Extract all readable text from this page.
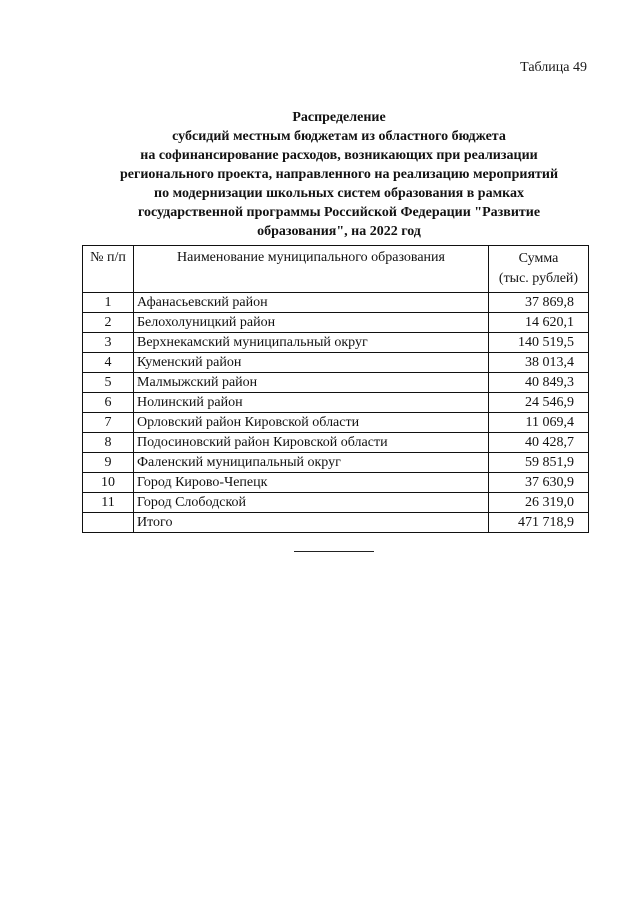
Таблица 49
Распределение
субсидий местным бюджетам из областного бюджета
на софинансирование расходов, возникающих при реализации
регионального проекта, направленного на реализацию мероприятий
по модернизации школьных систем образования в рамках
государственной программы Российской Федерации "Развитие
образования", на 2022 год
№ п/п	Наименование муниципального образования	Сумма
(тыс. рублей)

1	Афанасьевский район	37 869,8
2	Белохолуницкий район	14 620,1
3	Верхнекамский муниципальный округ	140 519,5
4	Куменский район	38 013,4
5	Малмыжский район	40 849,3
6	Нолинский район	24 546,9
7	Орловский район Кировской области	11 069,4
8	Подосиновский район Кировской области	40 428,7
9	Фаленский муниципальный округ	59 851,9
10	Город Кирово-Чепецк	37 630,9
11	Город Слободской	26 319,0
	Итого	471 718,9
